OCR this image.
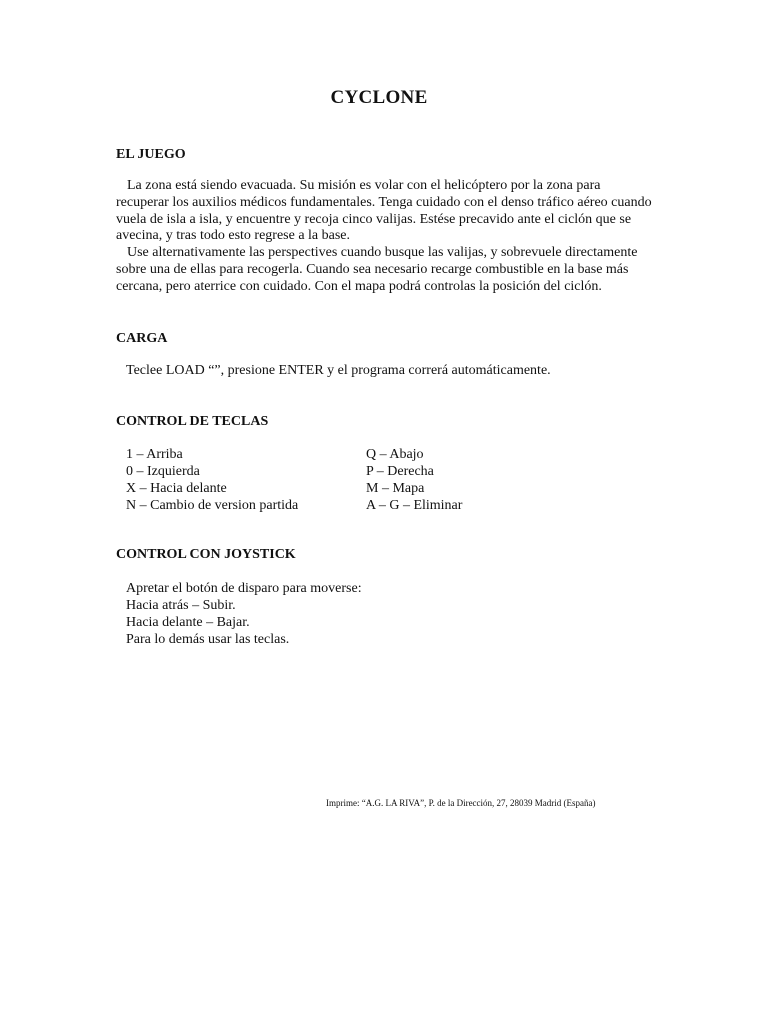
CYCLONE
EL JUEGO

La zona está siendo evacuada. Su misión es volar con el helicóptero por la zona para recuperar los auxilios médicos fundamentales. Tenga cuidado con el denso tráfico aéreo cuando vuela de isla a isla, y encuentre y recoja cinco valijas. Estése precavido ante el ciclón que se avecina, y tras todo esto regrese a la base.

Use alternativamente las perspectives cuando busque las valijas, y sobrevuele directamente sobre una de ellas para recogerla. Cuando sea necesario recarge combustible en la base más cercana, pero aterrice con cuidado. Con el mapa podrá controlas la posición del ciclón.

CARGA

Teclee LOAD “”, presione ENTER y el programa correrá automáticamente.

CONTROL DE TECLAS
1 – Arriba	Q – Abajo
0 – Izquierda	P – Derecha
X – Hacia delante	M – Mapa
N – Cambio de version partida	A – G – Eliminar
CONTROL CON JOYSTICK
Apretar el botón de disparo para moverse:
Hacia atrás – Subir.
Hacia delante – Bajar.
Para lo demás usar las teclas.
Imprime: “A.G. LA RIVA”, P. de la Dirección, 27, 28039 Madrid (España)
